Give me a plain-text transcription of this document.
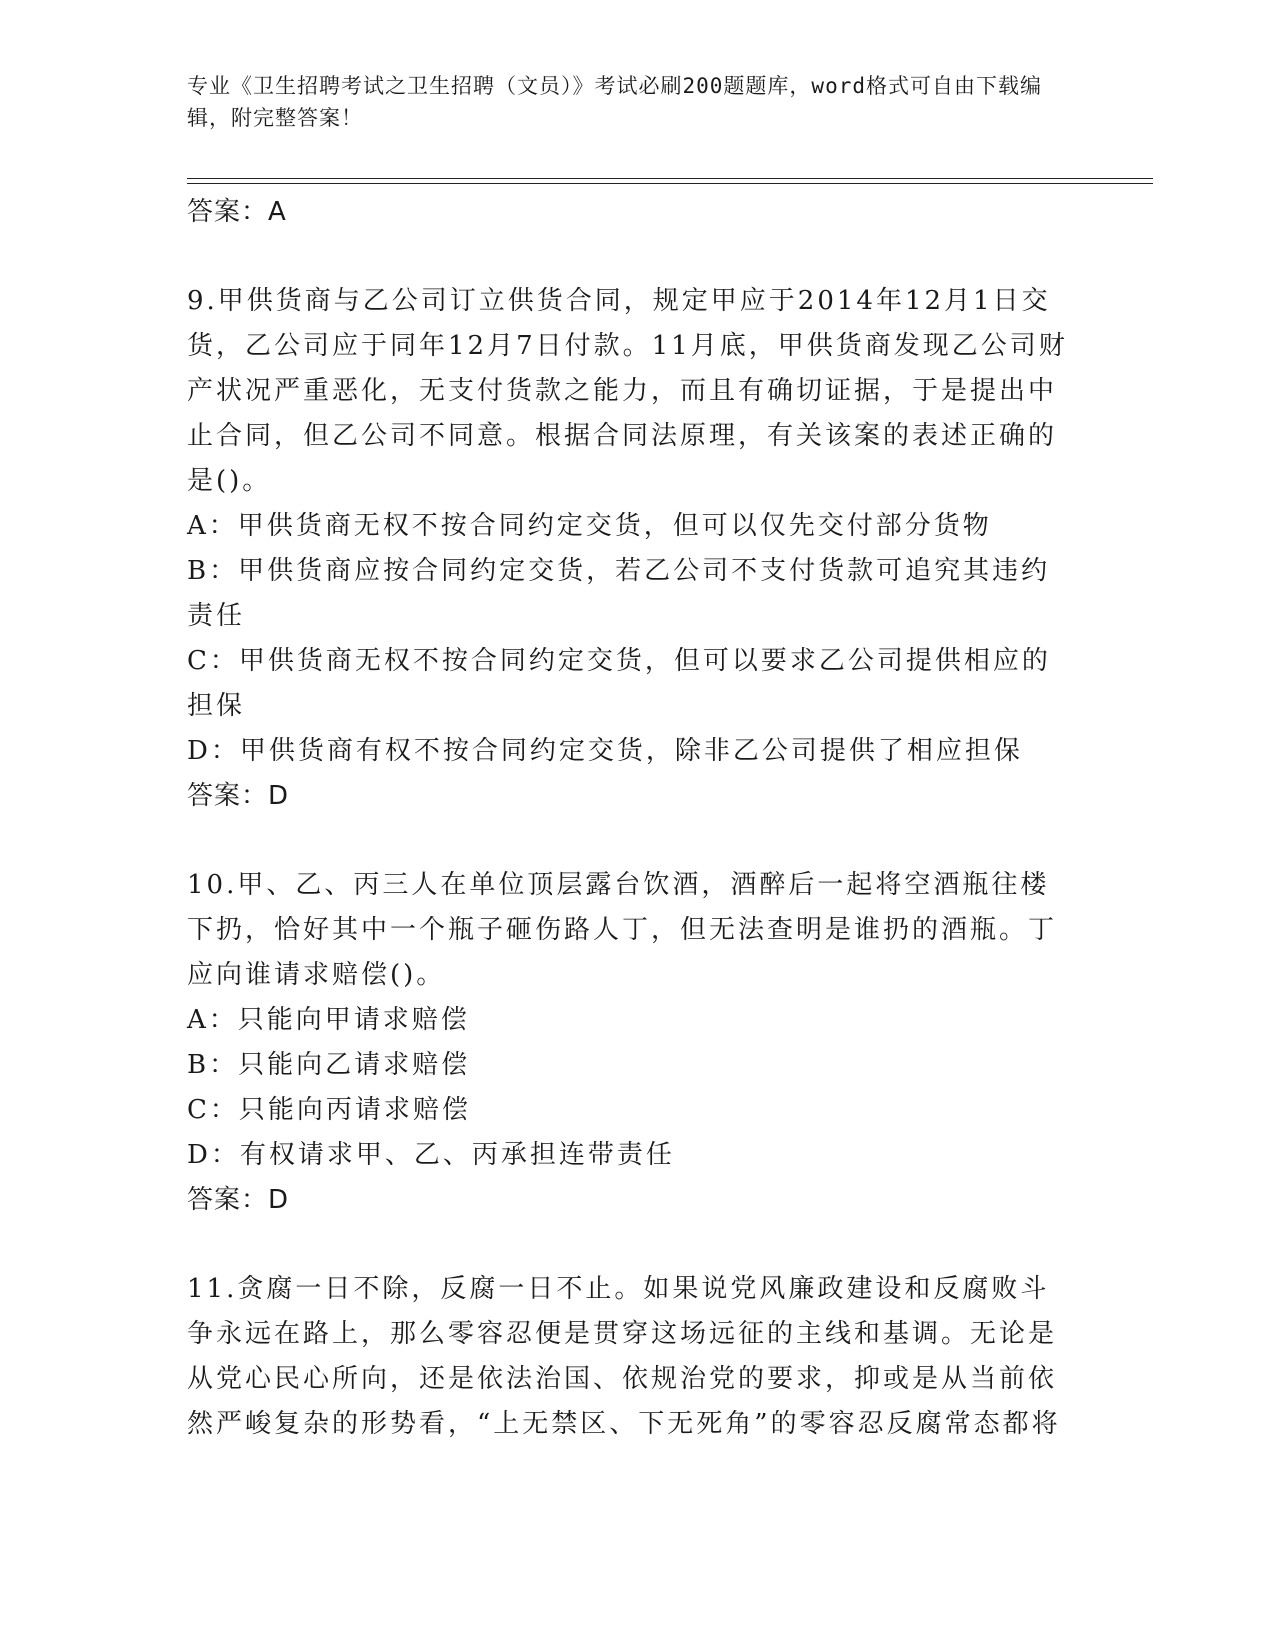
专业《卫生招聘考试之卫生招聘（文员）》考试必刷200题题库，word格式可自由下载编辑，附完整答案！

答案：A

9.甲供货商与乙公司订立供货合同，规定甲应于2014年12月1日交货，乙公司应于同年12月7日付款。11月底，甲供货商发现乙公司财产状况严重恶化，无支付货款之能力，而且有确切证据，于是提出中止合同，但乙公司不同意。根据合同法原理，有关该案的表述正确的是()。

A：甲供货商无权不按合同约定交货，但可以仅先交付部分货物

B：甲供货商应按合同约定交货，若乙公司不支付货款可追究其违约责任

C：甲供货商无权不按合同约定交货，但可以要求乙公司提供相应的担保

D：甲供货商有权不按合同约定交货，除非乙公司提供了相应担保

答案：D

10.甲、乙、丙三人在单位顶层露台饮酒，酒醉后一起将空酒瓶往楼下扔，恰好其中一个瓶子砸伤路人丁，但无法查明是谁扔的酒瓶。丁应向谁请求赔偿()。

A：只能向甲请求赔偿

B：只能向乙请求赔偿

C：只能向丙请求赔偿

D：有权请求甲、乙、丙承担连带责任

答案：D

11.贪腐一日不除，反腐一日不止。如果说党风廉政建设和反腐败斗争永远在路上，那么零容忍便是贯穿这场远征的主线和基调。无论是从党心民心所向，还是依法治国、依规治党的要求，抑或是从当前依然严峻复杂的形势看，“上无禁区、下无死角”的零容忍反腐常态都将
